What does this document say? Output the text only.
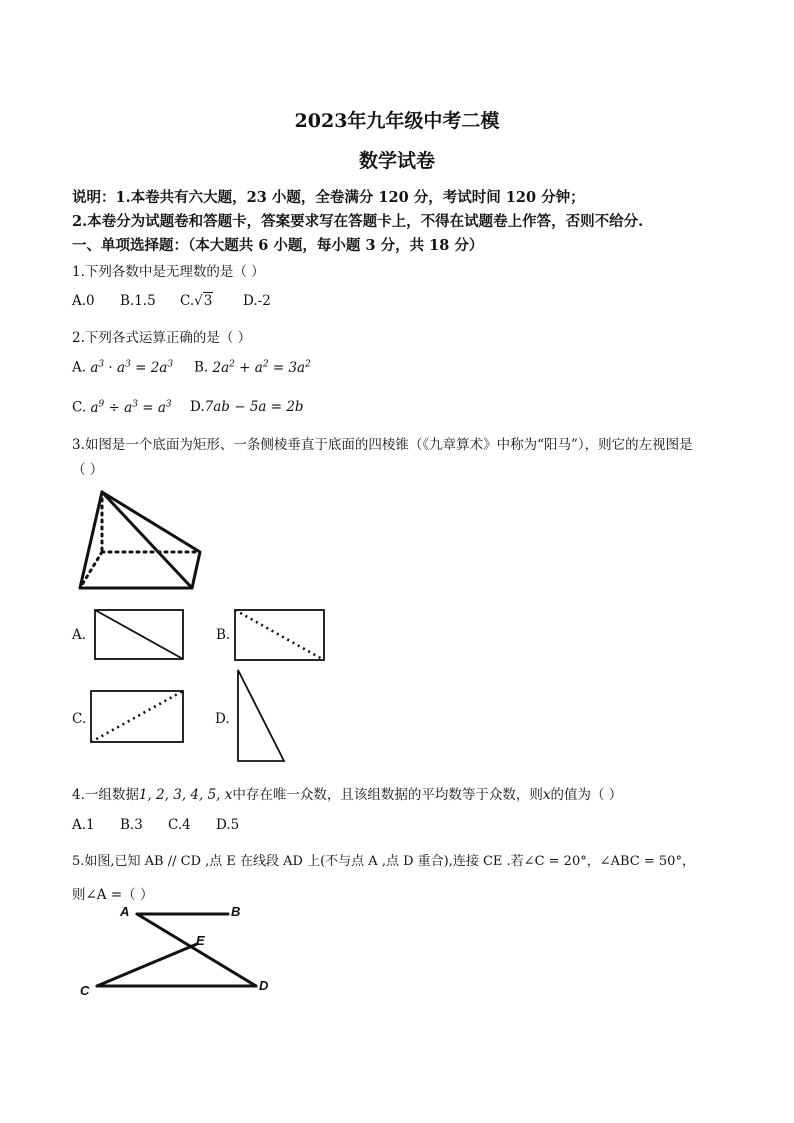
2023年九年级中考二模
数学试卷
说明：1.本卷共有六大题，23 小题，全卷满分 120 分，考试时间 120 分钟；
2.本卷分为试题卷和答题卡，答案要求写在答题卡上，不得在试题卷上作答，否则不给分.
一、单项选择题：（本大题共 6 小题，每小题 3 分，共 18 分）
1.下列各数中是无理数的是（ ）
A.0 B.1.5 C.√3 D.-2
2.下列各式运算正确的是（ ）
A. $a^3 \cdot a^3 = 2a^3$ B. $2a^2 + a^2 = 3a^2$
C. $a^9 \div a^3 = a^3$ D.7ab − 5a = 2b
3.如图是一个底面为矩形、一条侧棱垂直于底面的四棱锥（《九章算术》中称为“阳马”），则它的左视图是
（ ）
A.	B.
C.	D.
4.一组数据1, 2, 3, 4, 5, x中存在唯一众数，且该组数据的平均数等于众数，则x的值为（ ）
A.1 B.3 C.4 D.5
5.如图,已知 AB // CD ,点 E 在线段 AD 上(不与点 A ,点 D 重合),连接 CE .若∠C = 20°，∠ABC = 50°，
则∠A =（ ）
A	B
E
C	D
